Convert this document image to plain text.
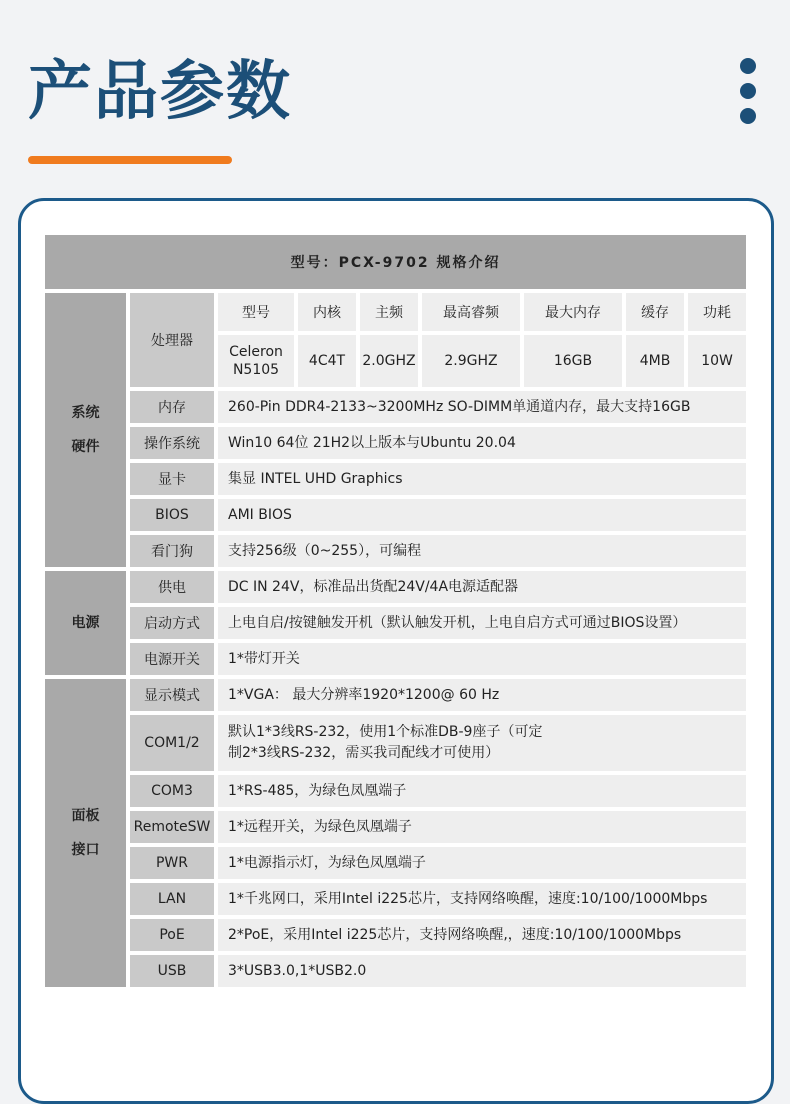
产品参数
型号：PCX-9702 规格介绍								
系统
硬件	处理器	型号	内核	主频	最高睿频	最大内存	缓存	功耗
		Celeron
N5105	4C4T	2.0GHZ	2.9GHZ	16GB	4MB	10W
	内存	260-Pin DDR4-2133~3200MHz SO-DIMM单通道内存，最大支持16GB						
	操作系统	Win10 64位 21H2以上版本与Ubuntu 20.04						
	显卡	集显 INTEL UHD Graphics						
	BIOS	AMI BIOS						
	看门狗	支持256级（0~255），可编程						
电源	供电	DC IN 24V，标准品出货配24V/4A电源适配器						
	启动方式	上电自启/按键触发开机（默认触发开机，上电自启方式可通过BIOS设置）						
	电源开关	1*带灯开关						
面板
接口	显示模式	1*VGA： 最大分辨率1920*1200@ 60 Hz						
	COM1/2	默认1*3线RS-232，使用1个标准DB-9座子（可定
制2*3线RS-232，需买我司配线才可使用）						
	COM3	1*RS-485，为绿色凤凰端子						
	RemoteSW	1*远程开关，为绿色凤凰端子						
	PWR	1*电源指示灯，为绿色凤凰端子						
	LAN	1*千兆网口，采用Intel i225芯片，支持网络唤醒，速度:10/100/1000Mbps						
	PoE	2*PoE，采用Intel i225芯片，支持网络唤醒,，速度:10/100/1000Mbps						
	USB	3*USB3.0,1*USB2.0						
